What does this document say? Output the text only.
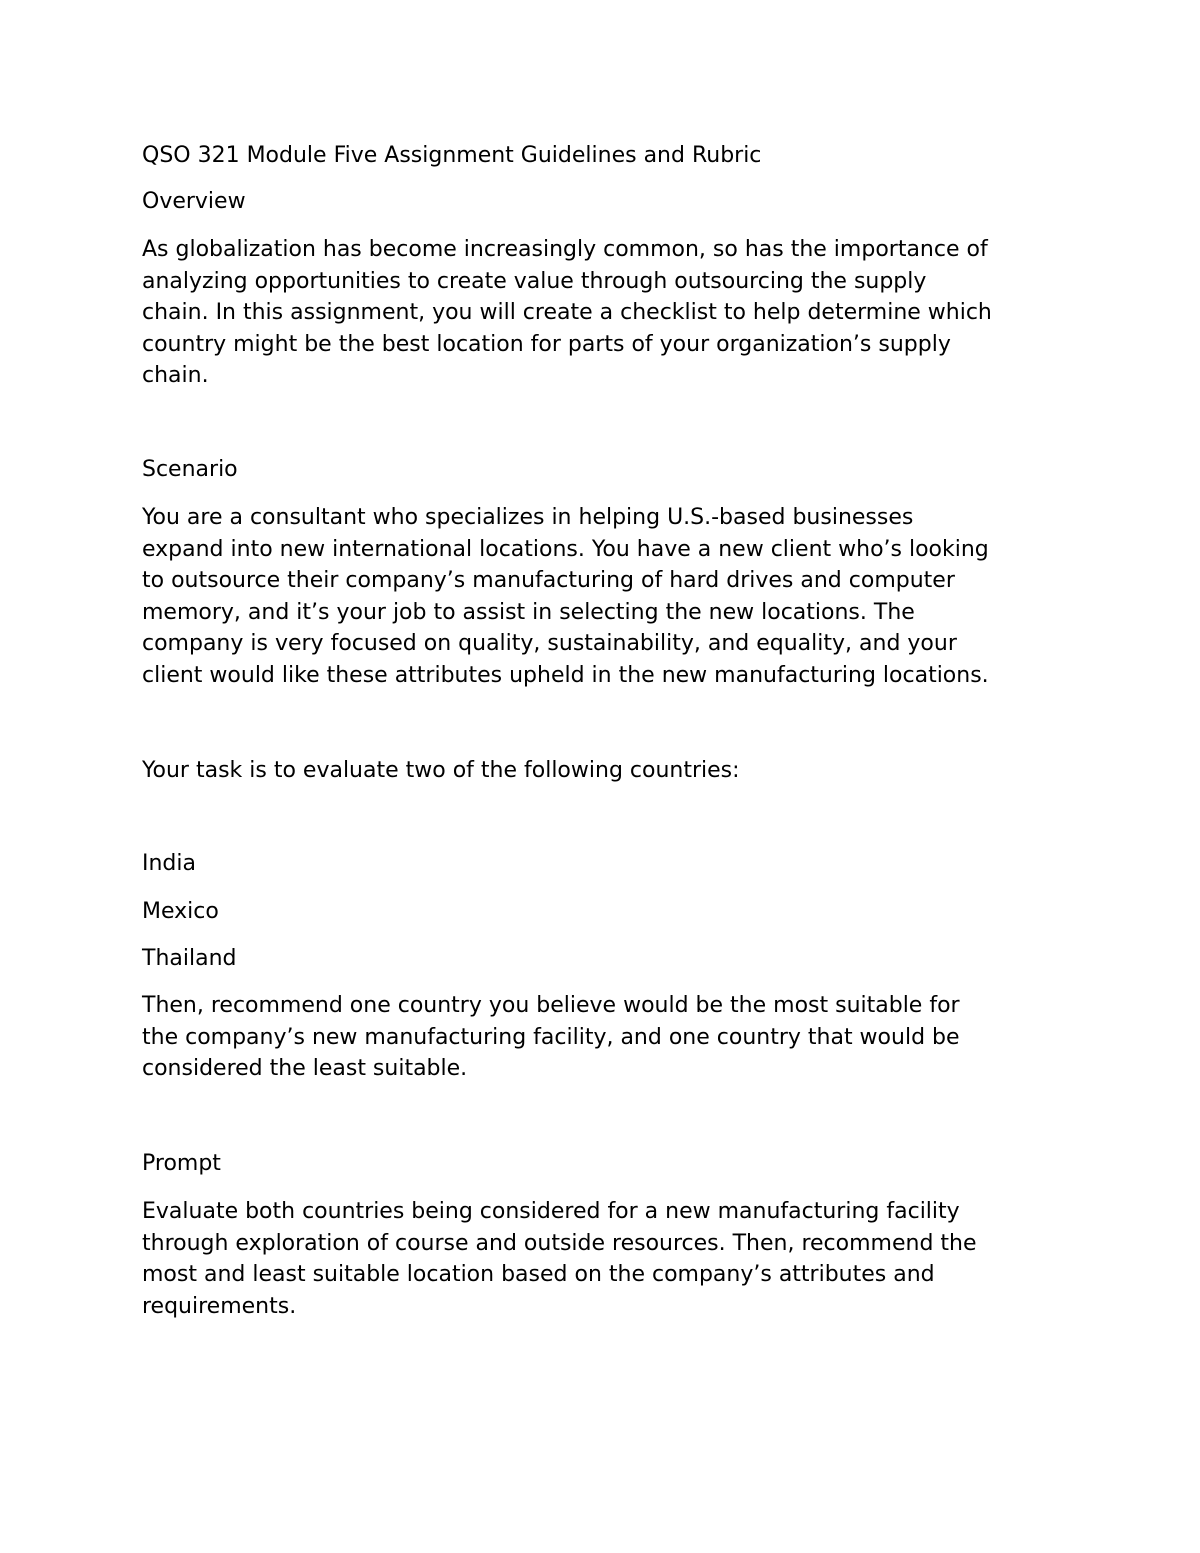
QSO 321 Module Five Assignment Guidelines and Rubric

Overview

As globalization has become increasingly common, so has the importance of
analyzing opportunities to create value through outsourcing the supply
chain. In this assignment, you will create a checklist to help determine which
country might be the best location for parts of your organization’s supply
chain.

Scenario

You are a consultant who specializes in helping U.S.-based businesses
expand into new international locations. You have a new client who’s looking
to outsource their company’s manufacturing of hard drives and computer
memory, and it’s your job to assist in selecting the new locations. The
company is very focused on quality, sustainability, and equality, and your
client would like these attributes upheld in the new manufacturing locations.

Your task is to evaluate two of the following countries:

India

Mexico

Thailand

Then, recommend one country you believe would be the most suitable for
the company’s new manufacturing facility, and one country that would be
considered the least suitable.

Prompt

Evaluate both countries being considered for a new manufacturing facility
through exploration of course and outside resources. Then, recommend the
most and least suitable location based on the company’s attributes and
requirements.
